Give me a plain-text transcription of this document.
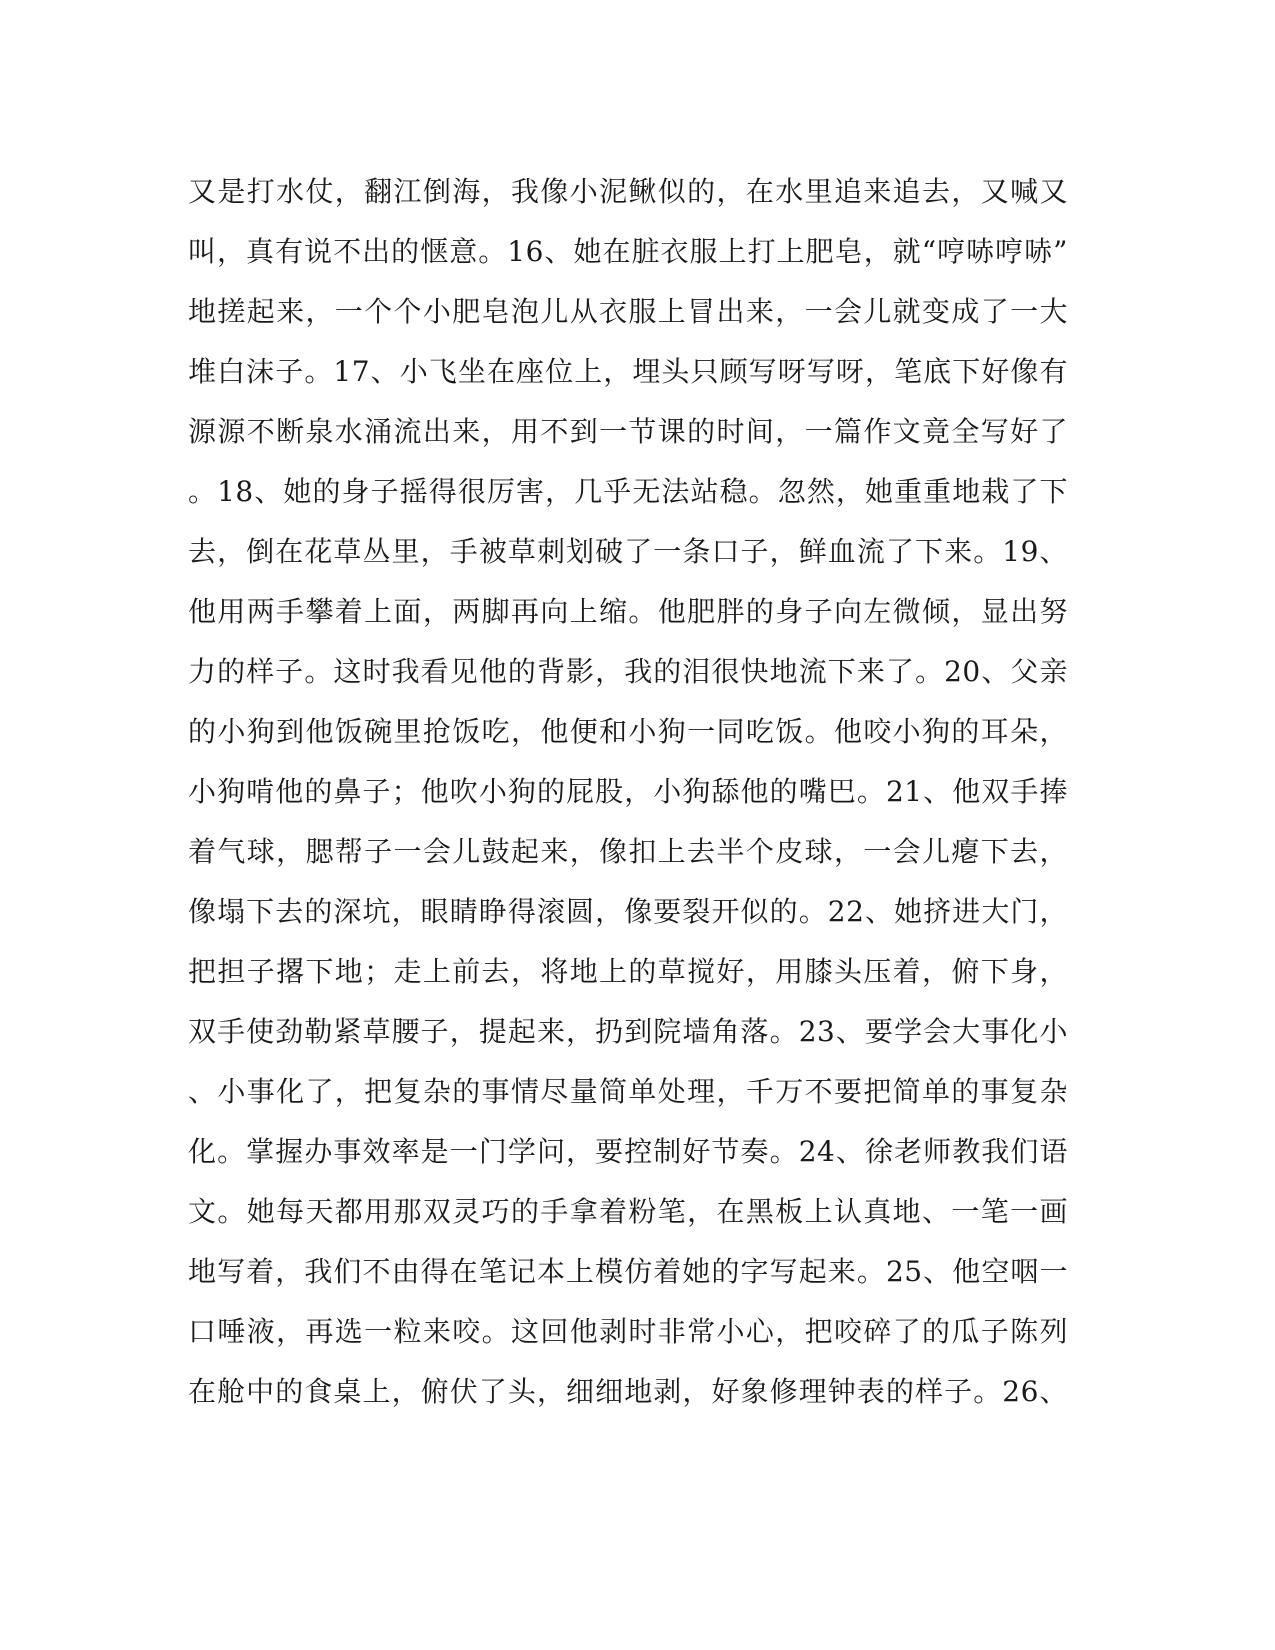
又是打水仗，翻江倒海，我像小泥鳅似的，在水里追来追去，又喊又
叫，真有说不出的惬意。16、她在脏衣服上打上肥皂，就“哼哧哼哧”
地搓起来，一个个小肥皂泡儿从衣服上冒出来，一会儿就变成了一大
堆白沫子。17、小飞坐在座位上，埋头只顾写呀写呀，笔底下好像有
源源不断泉水涌流出来，用不到一节课的时间，一篇作文竟全写好了
。18、她的身子摇得很厉害，几乎无法站稳。忽然，她重重地栽了下
去，倒在花草丛里，手被草刺划破了一条口子，鲜血流了下来。19、
他用两手攀着上面，两脚再向上缩。他肥胖的身子向左微倾，显出努
力的样子。这时我看见他的背影，我的泪很快地流下来了。20、父亲
的小狗到他饭碗里抢饭吃，他便和小狗一同吃饭。他咬小狗的耳朵，
小狗啃他的鼻子；他吹小狗的屁股，小狗舔他的嘴巴。21、他双手捧
着气球，腮帮子一会儿鼓起来，像扣上去半个皮球，一会儿瘪下去，
像塌下去的深坑，眼睛睁得滚圆，像要裂开似的。22、她挤进大门，
把担子撂下地；走上前去，将地上的草搅好，用膝头压着，俯下身，
双手使劲勒紧草腰子，提起来，扔到院墙角落。23、要学会大事化小
、小事化了，把复杂的事情尽量简单处理，千万不要把简单的事复杂
化。掌握办事效率是一门学问，要控制好节奏。24、徐老师教我们语
文。她每天都用那双灵巧的手拿着粉笔，在黑板上认真地、一笔一画
地写着，我们不由得在笔记本上模仿着她的字写起来。25、他空咽一
口唾液，再选一粒来咬。这回他剥时非常小心，把咬碎了的瓜子陈列
在舱中的食桌上，俯伏了头，细细地剥，好象修理钟表的样子。26、
